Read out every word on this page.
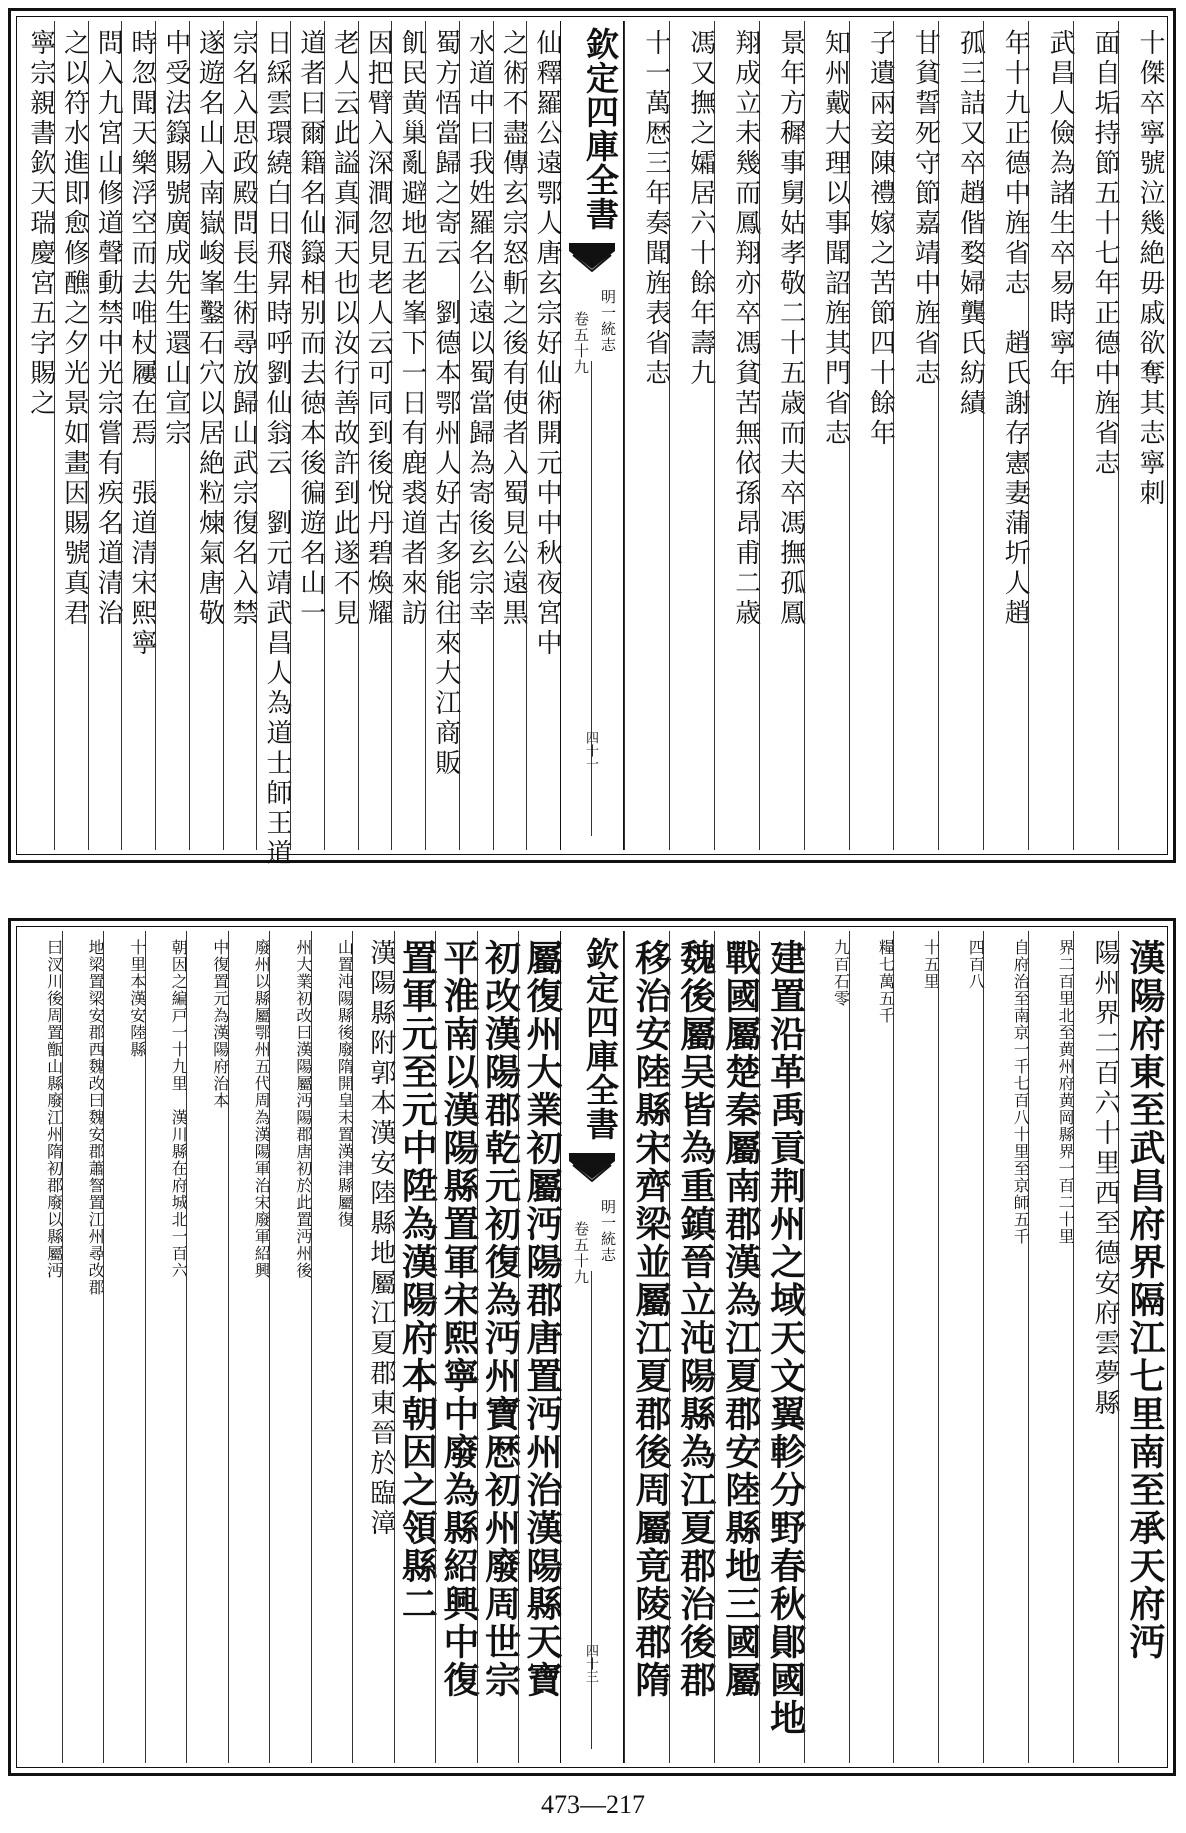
十傑卒寧號泣幾絶毋戚欲奪其志寧刺
面自垢持節五十七年正德中旌省志
武昌人儉為諸生卒易時寧年
年十九正德中旌省志　趙氏謝存憲妻蒲圻人趙
孤三詰又卒趙偕婺婦龔氏紡績
甘貧誓死守節嘉靖中旌省志
子遺兩妾陳禮嫁之苦節四十餘年
知州戴大理以事聞詔旌其門省志
景年方穉事舅姑孝敬二十五歳而夫卒馮撫孤鳳
翔成立未幾而鳳翔亦卒馮貧苦無依孫昂甫二歳
馮又撫之孀居六十餘年壽九
十一萬厯三年奏聞旌表省志
欽定四庫全書
明一統志
卷五十九
四十一
仙釋羅公遠鄂人唐玄宗好仙術開元中中秋夜宮中
之術不盡傳玄宗怒斬之後有使者入蜀見公遠黒
水道中曰我姓羅名公遠以蜀當歸為寄後玄宗幸
蜀方悟當歸之寄云　劉德本鄂州人好古多能往來大江商販
飢民黄巢亂避地五老峯下一日有鹿裘道者來訪
因把臂入深澗忽見老人云可同到後悅丹碧煥耀
老人云此謚真洞天也以汝行善故許到此遂不見
道者曰爾籍名仙籙相别而去徳本後徧遊名山一
日綵雲環繞白日飛昇時呼劉仙翁云　劉元靖武昌人為道士師王道
宗名入思政殿問長生術尋放歸山武宗復名入禁
遂遊名山入南嶽峻峯鑿石穴以居絶粒煉氣唐敬
中受法籙賜號廣成先生還山宣宗
時忽聞天樂浮空而去唯杖屨在焉　張道清宋熙寧
問入九宮山修道聲動禁中光宗嘗有疾名道清治
之以符水進即愈修醮之夕光景如畫因賜號真君
寧宗親書欽天瑞慶宮五字賜之
漢陽府東至武昌府界隔江七里南至承天府沔
陽州界二百六十里西至德安府雲夢縣
界二百里北至黄州府黄岡縣界一百二十里
自府治至南京一千七百八十里至京師五千
四百八
十五里
糧七萬五千
九百石零
建置沿革禹貢荆州之域天文翼軫分野春秋鄖國地
戰國屬楚秦屬南郡漢為江夏郡安陸縣地三國屬
魏後屬吴皆為重鎮晉立沌陽縣為江夏郡治後郡
移治安陸縣宋齊梁並屬江夏郡後周屬竟陵郡隋
欽定四庫全書
明一統志
卷五十九
四十三
屬復州大業初屬沔陽郡唐置沔州治漢陽縣天寶
初改漢陽郡乾元初復為沔州寶厯初州廢周世宗
平淮南以漢陽縣置軍宋熙寧中廢為縣紹興中復
置軍元至元中陞為漢陽府本朝因之領縣二
漢陽縣附郭本漢安陸縣地屬江夏郡東晉於臨漳
山置沌陽縣後廢隋開皇末置漢津縣屬復
州大業初改曰漢陽屬沔陽郡唐初於此置沔州後
廢州以縣屬鄂州五代周為漢陽軍治宋廢軍紹興
中復置元為漢陽府治本
朝因之編戸一十九里　漢川縣在府城北一百六
十里本漢安陸縣
地梁置梁安郡西魏改曰魏安郡蕭詧置江州尋改郡
曰汊川後周置甑山縣廢江州隋初郡廢以縣屬沔
473—217
